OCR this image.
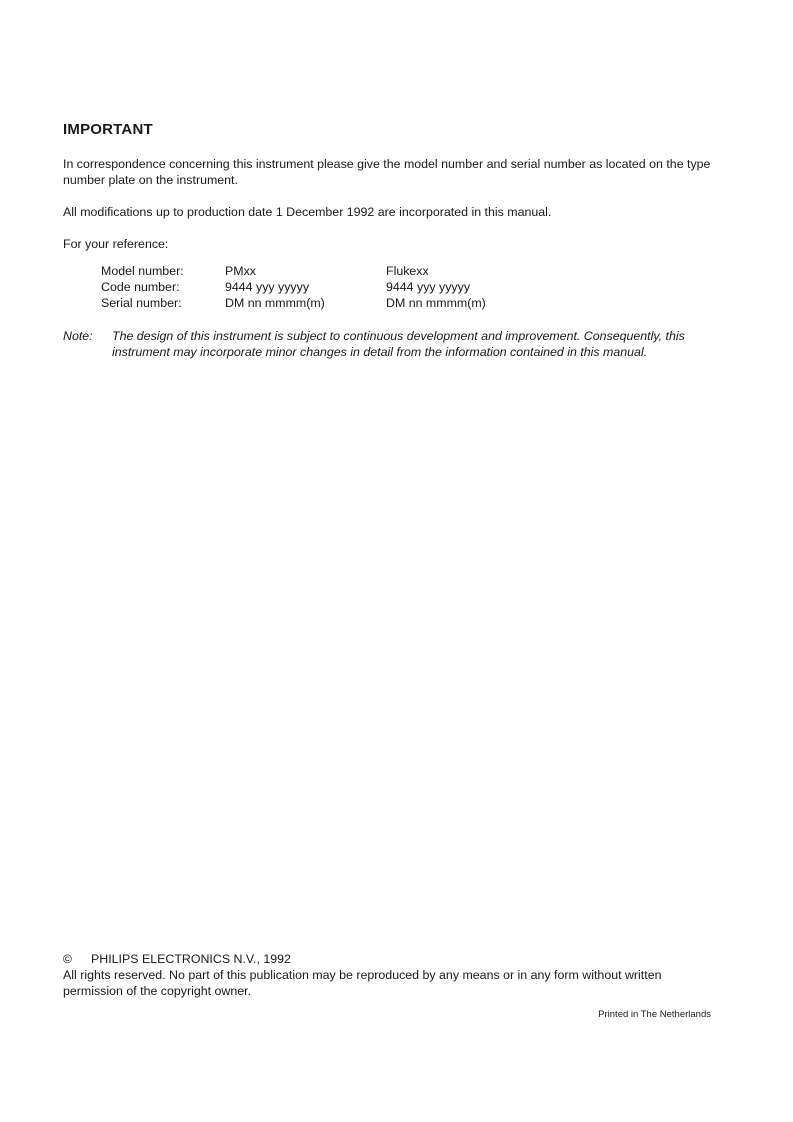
IMPORTANT
In correspondence concerning this instrument please give the model number and serial number as located on the type number plate on the instrument.
All modifications up to production date 1 December 1992 are incorporated in this manual.
For your reference:
Model number:	PMxx	Flukexx
Code number:	9444 yyy yyyyy	9444 yyy yyyyy
Serial number:	DM nn mmmm(m)	DM nn mmmm(m)
Note:	The design of this instrument is subject to continuous development and improvement. Consequently, this instrument may incorporate minor changes in detail from the information contained in this manual.
© PHILIPS ELECTRONICS N.V., 1992
All rights reserved. No part of this publication may be reproduced by any means or in any form without written permission of the copyright owner.
Printed in The Netherlands
